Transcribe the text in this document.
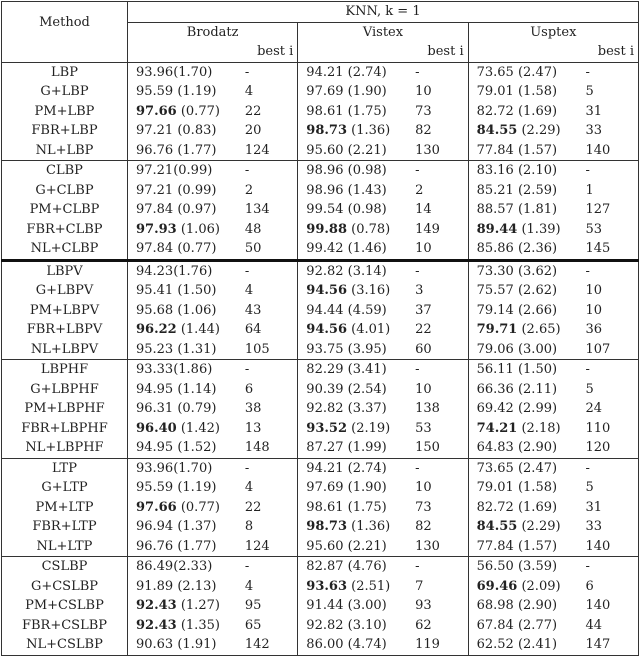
Method	KNN, k = 1					
	Brodatz		Vistex		Usptex	
		best i		best i		best i
LBP	93.96(1.70)	-	94.21 (2.74)	-	73.65 (2.47)	-
G+LBP	95.59 (1.19)	4	97.69 (1.90)	10	79.01 (1.58)	5
PM+LBP	97.66 (0.77)	22	98.61 (1.75)	73	82.72 (1.69)	31
FBR+LBP	97.21 (0.83)	20	98.73 (1.36)	82	84.55 (2.29)	33
NL+LBP	96.76 (1.77)	124	95.60 (2.21)	130	77.84 (1.57)	140
CLBP	97.21(0.99)	-	98.96 (0.98)	-	83.16 (2.10)	-
G+CLBP	97.21 (0.99)	2	98.96 (1.43)	2	85.21 (2.59)	1
PM+CLBP	97.84 (0.97)	134	99.54 (0.98)	14	88.57 (1.81)	127
FBR+CLBP	97.93 (1.06)	48	99.88 (0.78)	149	89.44 (1.39)	53
NL+CLBP	97.84 (0.77)	50	99.42 (1.46)	10	85.86 (2.36)	145
LBPV	94.23(1.76)	-	92.82 (3.14)	-	73.30 (3.62)	-
G+LBPV	95.41 (1.50)	4	94.56 (3.16)	3	75.57 (2.62)	10
PM+LBPV	95.68 (1.06)	43	94.44 (4.59)	37	79.14 (2.66)	10
FBR+LBPV	96.22 (1.44)	64	94.56 (4.01)	22	79.71 (2.65)	36
NL+LBPV	95.23 (1.31)	105	93.75 (3.95)	60	79.06 (3.00)	107
LBPHF	93.33(1.86)	-	82.29 (3.41)	-	56.11 (1.50)	-
G+LBPHF	94.95 (1.14)	6	90.39 (2.54)	10	66.36 (2.11)	5
PM+LBPHF	96.31 (0.79)	38	92.82 (3.37)	138	69.42 (2.99)	24
FBR+LBPHF	96.40 (1.42)	13	93.52 (2.19)	53	74.21 (2.18)	110
NL+LBPHF	94.95 (1.52)	148	87.27 (1.99)	150	64.83 (2.90)	120
LTP	93.96(1.70)	-	94.21 (2.74)	-	73.65 (2.47)	-
G+LTP	95.59 (1.19)	4	97.69 (1.90)	10	79.01 (1.58)	5
PM+LTP	97.66 (0.77)	22	98.61 (1.75)	73	82.72 (1.69)	31
FBR+LTP	96.94 (1.37)	8	98.73 (1.36)	82	84.55 (2.29)	33
NL+LTP	96.76 (1.77)	124	95.60 (2.21)	130	77.84 (1.57)	140
CSLBP	86.49(2.33)	-	82.87 (4.76)	-	56.50 (3.59)	-
G+CSLBP	91.89 (2.13)	4	93.63 (2.51)	7	69.46 (2.09)	6
PM+CSLBP	92.43 (1.27)	95	91.44 (3.00)	93	68.98 (2.90)	140
FBR+CSLBP	92.43 (1.35)	65	92.82 (3.10)	62	67.84 (2.77)	44
NL+CSLBP	90.63 (1.91)	142	86.00 (4.74)	119	62.52 (2.41)	147
